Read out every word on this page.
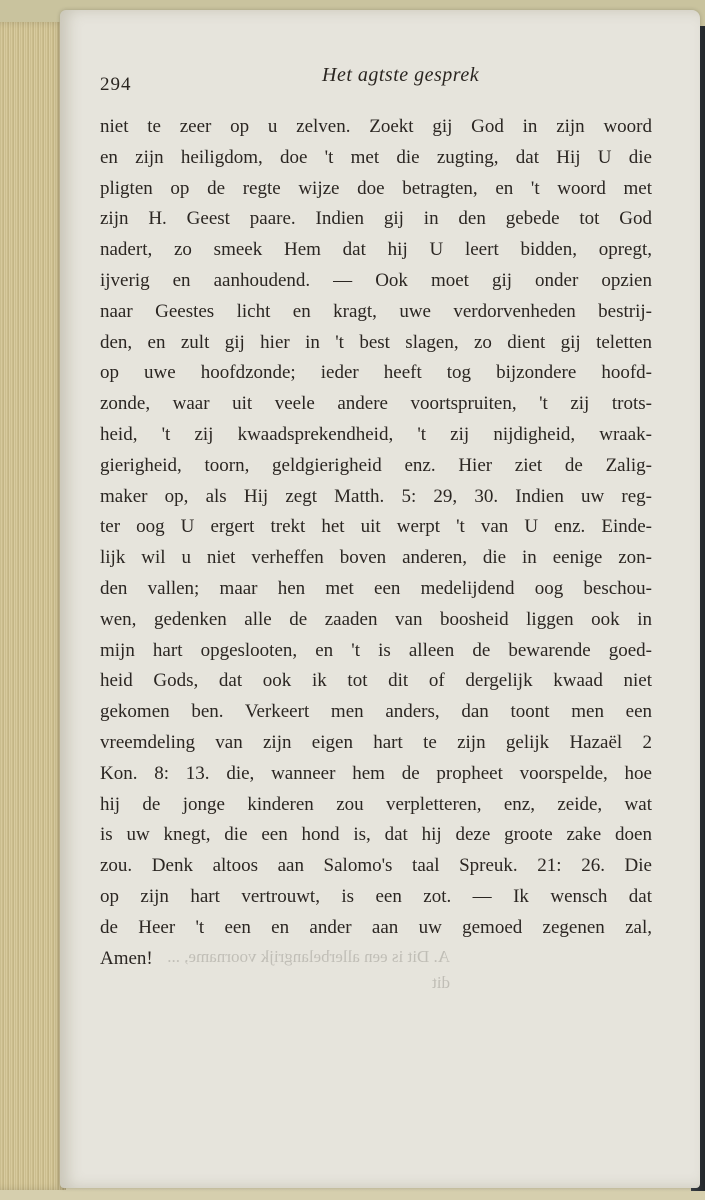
294	Het agtste gesprek
niet te zeer op u zelven. Zoekt gij God in zijn woord
en zijn heiligdom, doe 't met die zugting, dat Hij U die
pligten op de regte wijze doe betragten, en 't woord met
zijn H. Geest paare. Indien gij in den gebede tot God
nadert, zo smeek Hem dat hij U leert bidden, opregt,
ijverig en aanhoudend. — Ook moet gij onder opzien
naar Geestes licht en kragt, uwe verdorvenheden bestrij-
den, en zult gij hier in 't best slagen, zo dient gij teletten
op uwe hoofdzonde; ieder heeft tog bijzondere hoofd-
zonde, waar uit veele andere voortspruiten, 't zij trots-
heid, 't zij kwaadsprekendheid, 't zij nijdigheid, wraak-
gierigheid, toorn, geldgierigheid enz. Hier ziet de Zalig-
maker op, als Hij zegt Matth. 5: 29, 30. Indien uw reg-
ter oog U ergert trekt het uit werpt 't van U enz. Einde-
lijk wil u niet verheffen boven anderen, die in eenige zon-
den vallen; maar hen met een medelijdend oog beschou-
wen, gedenken alle de zaaden van boosheid liggen ook in
mijn hart opgeslooten, en 't is alleen de bewarende goed-
heid Gods, dat ook ik tot dit of dergelijk kwaad niet
gekomen ben. Verkeert men anders, dan toont men een
vreemdeling van zijn eigen hart te zijn gelijk Hazaël 2
Kon. 8: 13. die, wanneer hem de propheet voorspelde, hoe
hij de jonge kinderen zou verpletteren, enz, zeide, wat
is uw knegt, die een hond is, dat hij deze groote zake doen
zou. Denk altoos aan Salomo's taal Spreuk. 21: 26. Die
op zijn hart vertrouwt, is een zot. — Ik wensch dat
de Heer 't een en ander aan uw gemoed zegenen zal,
Amen! A. Dit is een allerbelangrijk voorname, ...
dit
